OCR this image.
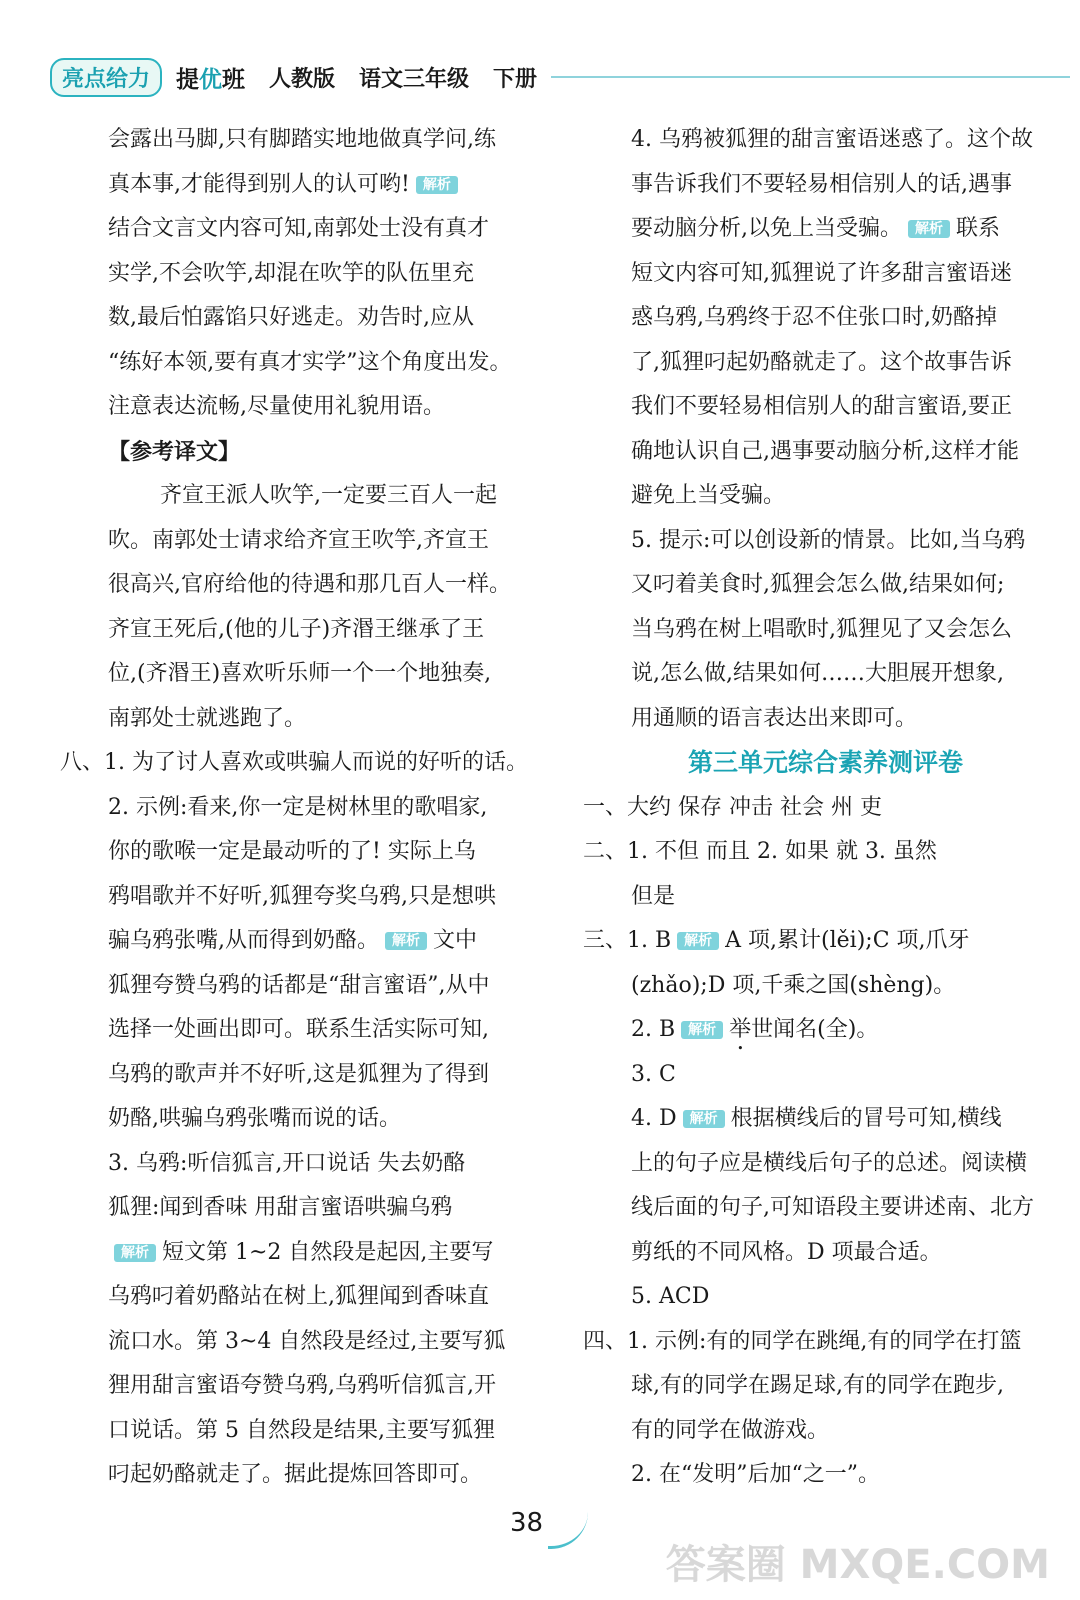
亮点给力	提优班 人教版 语文三年级 下册
会露出马脚,只有脚踏实地地做真学问,练
真本事,才能得到别人的认可哟! 解析
结合文言文内容可知,南郭处士没有真才
实学,不会吹竽,却混在吹竽的队伍里充
数,最后怕露馅只好逃走。劝告时,应从
“练好本领,要有真才实学”这个角度出发。
注意表达流畅,尽量使用礼貌用语。
【参考译文】
齐宣王派人吹竽,一定要三百人一起
吹。南郭处士请求给齐宣王吹竽,齐宣王
很高兴,官府给他的待遇和那几百人一样。
齐宣王死后,(他的儿子)齐湣王继承了王
位,(齐湣王)喜欢听乐师一个一个地独奏,
南郭处士就逃跑了。
八、1. 为了讨人喜欢或哄骗人而说的好听的话。
2. 示例:看来,你一定是树林里的歌唱家,
你的歌喉一定是最动听的了! 实际上乌
鸦唱歌并不好听,狐狸夸奖乌鸦,只是想哄
骗乌鸦张嘴,从而得到奶酪。 解析 文中
狐狸夸赞乌鸦的话都是“甜言蜜语”,从中
选择一处画出即可。联系生活实际可知,
乌鸦的歌声并不好听,这是狐狸为了得到
奶酪,哄骗乌鸦张嘴而说的话。
3. 乌鸦:听信狐言,开口说话 失去奶酪
狐狸:闻到香味 用甜言蜜语哄骗乌鸦
解析 短文第 1~2 自然段是起因,主要写
乌鸦叼着奶酪站在树上,狐狸闻到香味直
流口水。第 3~4 自然段是经过,主要写狐
狸用甜言蜜语夸赞乌鸦,乌鸦听信狐言,开
口说话。第 5 自然段是结果,主要写狐狸
叼起奶酪就走了。据此提炼回答即可。
4. 乌鸦被狐狸的甜言蜜语迷惑了。这个故
事告诉我们不要轻易相信别人的话,遇事
要动脑分析,以免上当受骗。 解析 联系
短文内容可知,狐狸说了许多甜言蜜语迷
惑乌鸦,乌鸦终于忍不住张口时,奶酪掉
了,狐狸叼起奶酪就走了。这个故事告诉
我们不要轻易相信别人的甜言蜜语,要正
确地认识自己,遇事要动脑分析,这样才能
避免上当受骗。
5. 提示:可以创设新的情景。比如,当乌鸦
又叼着美食时,狐狸会怎么做,结果如何;
当乌鸦在树上唱歌时,狐狸见了又会怎么
说,怎么做,结果如何……大胆展开想象,
用通顺的语言表达出来即可。
第三单元综合素养测评卷
一、大约 保存 冲击 社会 州 吏
二、1. 不但 而且 2. 如果 就 3. 虽然
但是
三、1. B 解析 A 项,累计(lěi);C 项,爪牙
(zhǎo);D 项,千乘之国(shèng)。
2. B 解析 举世闻名(全)。
3. C
4. D 解析 根据横线后的冒号可知,横线
上的句子应是横线后句子的总述。阅读横
线后面的句子,可知语段主要讲述南、北方
剪纸的不同风格。D 项最合适。
5. ACD
四、1. 示例:有的同学在跳绳,有的同学在打篮
球,有的同学在踢足球,有的同学在跑步,
有的同学在做游戏。
2. 在“发明”后加“之一”。
38
答案圈 MXQE.COM
